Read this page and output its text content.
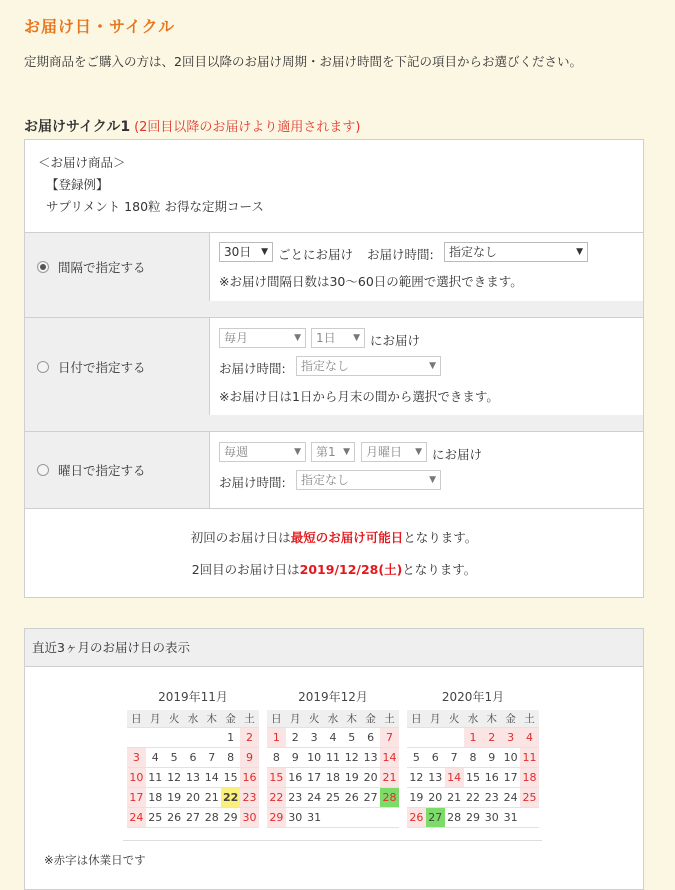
お届け日・サイクル
定期商品をご購入の方は、2回目以降のお届け周期・お届け時間を下記の項目からお選びください。
お届けサイクル1 (2回目以降のお届けより適用されます)
＜お届け商品＞
【登録例】
サプリメント 180粒 お得な定期コース
間隔で指定する
30日 ▼ ごとにお届け お届け時間:	指定なし	▼
※お届け間隔日数は30〜60日の範囲で選択できます。
日付で指定する
毎月	▼	1日 ▼ にお届け
お届け時間:	指定なし	▼
※お届け日は1日から月末の間から選択できます。
曜日で指定する
毎週	▼	第1 ▼	月曜日 ▼ にお届け
お届け時間:	指定なし	▼
初回のお届け日は最短のお届け可能日となります。
2回目のお届け日は2019/12/28(土)となります。
直近3ヶ月のお届け日の表示
2019年11月
日	月	火	水	木	金	土
					1	2
3	4	5	6	7	8	9
10	11	12	13	14	15	16
17	18	19	20	21	22	23
24	25	26	27	28	29	30
2019年12月
日	月	火	水	木	金	土
1	2	3	4	5	6	7
8	9	10	11	12	13	14
15	16	17	18	19	20	21
22	23	24	25	26	27	28
29	30	31				
2020年1月
日	月	火	水	木	金	土
			1	2	3	4
5	6	7	8	9	10	11
12	13	14	15	16	17	18
19	20	21	22	23	24	25
26	27	28	29	30	31	
※赤字は休業日です
